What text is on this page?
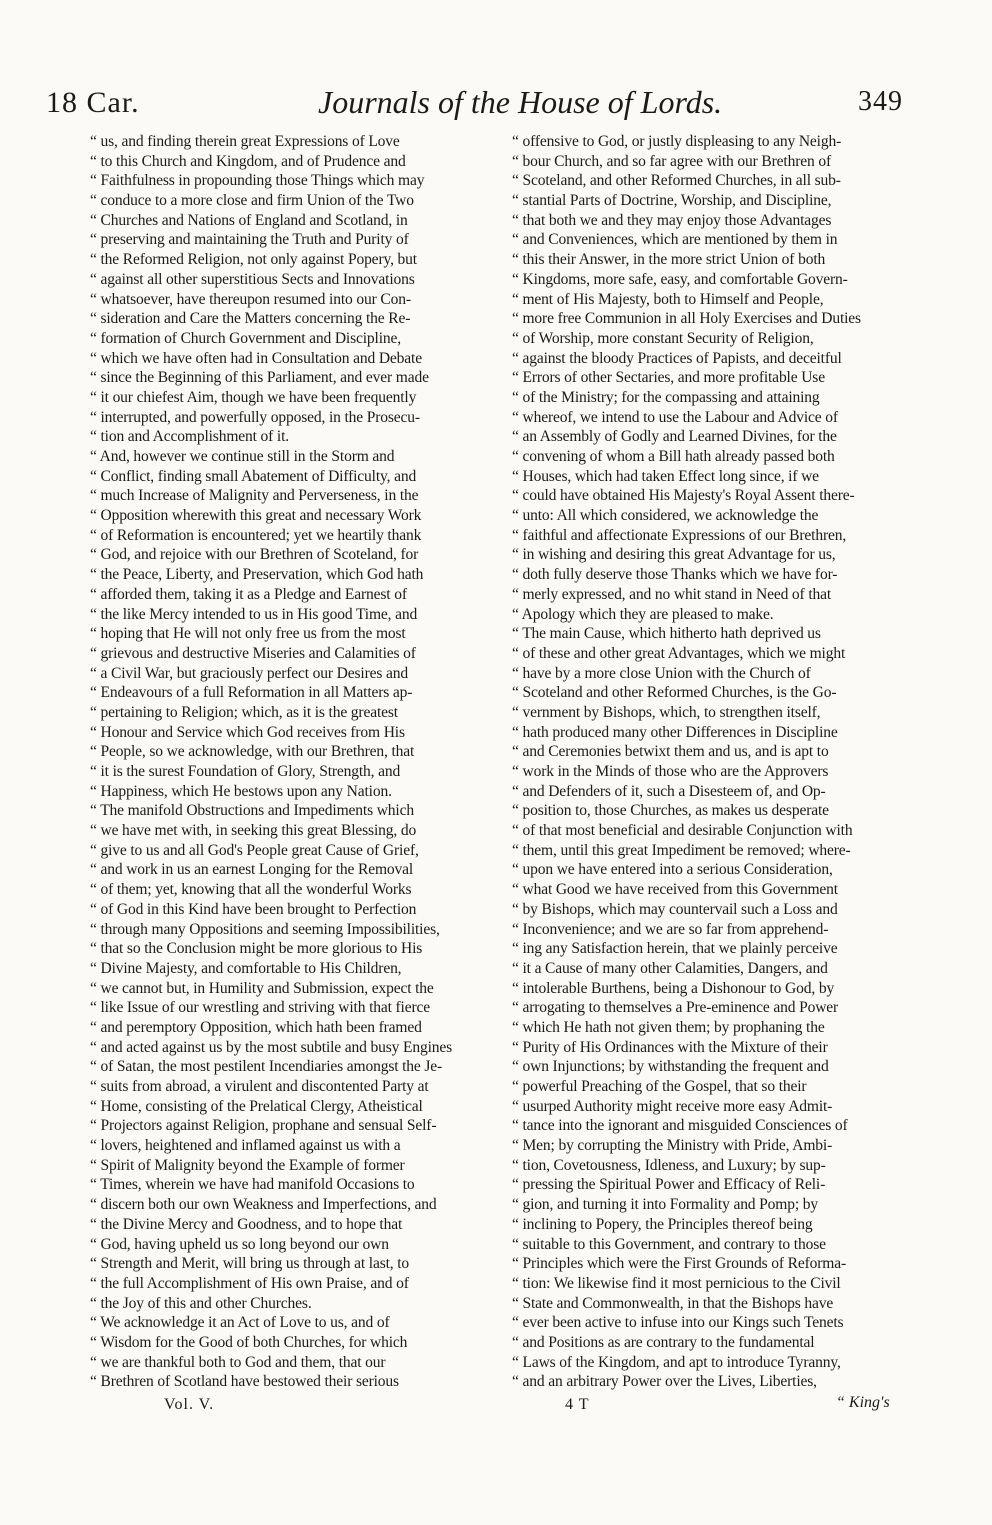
18 Car.	Journals of the House of Lords.	349
“ us, and finding therein great Expressions of Love
“ to this Church and Kingdom, and of Prudence and
“ Faithfulness in propounding those Things which may
“ conduce to a more close and firm Union of the Two
“ Churches and Nations of England and Scotland, in
“ preserving and maintaining the Truth and Purity of
“ the Reformed Religion, not only against Popery, but
“ against all other superstitious Sects and Innovations
“ whatsoever, have thereupon resumed into our Con-
“ sideration and Care the Matters concerning the Re-
“ formation of Church Government and Discipline,
“ which we have often had in Consultation and Debate
“ since the Beginning of this Parliament, and ever made
“ it our chiefest Aim, though we have been frequently
“ interrupted, and powerfully opposed, in the Prosecu-
“ tion and Accomplishment of it.
“ And, however we continue still in the Storm and
“ Conflict, finding small Abatement of Difficulty, and
“ much Increase of Malignity and Perverseness, in the
“ Opposition wherewith this great and necessary Work
“ of Reformation is encountered; yet we heartily thank
“ God, and rejoice with our Brethren of Scoteland, for
“ the Peace, Liberty, and Preservation, which God hath
“ afforded them, taking it as a Pledge and Earnest of
“ the like Mercy intended to us in His good Time, and
“ hoping that He will not only free us from the most
“ grievous and destructive Miseries and Calamities of
“ a Civil War, but graciously perfect our Desires and
“ Endeavours of a full Reformation in all Matters ap-
“ pertaining to Religion; which, as it is the greatest
“ Honour and Service which God receives from His
“ People, so we acknowledge, with our Brethren, that
“ it is the surest Foundation of Glory, Strength, and
“ Happiness, which He bestows upon any Nation.
“ The manifold Obstructions and Impediments which
“ we have met with, in seeking this great Blessing, do
“ give to us and all God's People great Cause of Grief,
“ and work in us an earnest Longing for the Removal
“ of them; yet, knowing that all the wonderful Works
“ of God in this Kind have been brought to Perfection
“ through many Oppositions and seeming Impossibilities,
“ that so the Conclusion might be more glorious to His
“ Divine Majesty, and comfortable to His Children,
“ we cannot but, in Humility and Submission, expect the
“ like Issue of our wrestling and striving with that fierce
“ and peremptory Opposition, which hath been framed
“ and acted against us by the most subtile and busy Engines
“ of Satan, the most pestilent Incendiaries amongst the Je-
“ suits from abroad, a virulent and discontented Party at
“ Home, consisting of the Prelatical Clergy, Atheistical
“ Projectors against Religion, prophane and sensual Self-
“ lovers, heightened and inflamed against us with a
“ Spirit of Malignity beyond the Example of former
“ Times, wherein we have had manifold Occasions to
“ discern both our own Weakness and Imperfections, and
“ the Divine Mercy and Goodness, and to hope that
“ God, having upheld us so long beyond our own
“ Strength and Merit, will bring us through at last, to
“ the full Accomplishment of His own Praise, and of
“ the Joy of this and other Churches.
“ We acknowledge it an Act of Love to us, and of
“ Wisdom for the Good of both Churches, for which
“ we are thankful both to God and them, that our
“ Brethren of Scotland have bestowed their serious
“ offensive to God, or justly displeasing to any Neigh-
“ bour Church, and so far agree with our Brethren of
“ Scoteland, and other Reformed Churches, in all sub-
“ stantial Parts of Doctrine, Worship, and Discipline,
“ that both we and they may enjoy those Advantages
“ and Conveniences, which are mentioned by them in
“ this their Answer, in the more strict Union of both
“ Kingdoms, more safe, easy, and comfortable Govern-
“ ment of His Majesty, both to Himself and People,
“ more free Communion in all Holy Exercises and Duties
“ of Worship, more constant Security of Religion,
“ against the bloody Practices of Papists, and deceitful
“ Errors of other Sectaries, and more profitable Use
“ of the Ministry; for the compassing and attaining
“ whereof, we intend to use the Labour and Advice of
“ an Assembly of Godly and Learned Divines, for the
“ convening of whom a Bill hath already passed both
“ Houses, which had taken Effect long since, if we
“ could have obtained His Majesty's Royal Assent there-
“ unto: All which considered, we acknowledge the
“ faithful and affectionate Expressions of our Brethren,
“ in wishing and desiring this great Advantage for us,
“ doth fully deserve those Thanks which we have for-
“ merly expressed, and no whit stand in Need of that
“ Apology which they are pleased to make.
“ The main Cause, which hitherto hath deprived us
“ of these and other great Advantages, which we might
“ have by a more close Union with the Church of
“ Scoteland and other Reformed Churches, is the Go-
“ vernment by Bishops, which, to strengthen itself,
“ hath produced many other Differences in Discipline
“ and Ceremonies betwixt them and us, and is apt to
“ work in the Minds of those who are the Approvers
“ and Defenders of it, such a Disesteem of, and Op-
“ position to, those Churches, as makes us desperate
“ of that most beneficial and desirable Conjunction with
“ them, until this great Impediment be removed; where-
“ upon we have entered into a serious Consideration,
“ what Good we have received from this Government
“ by Bishops, which may countervail such a Loss and
“ Inconvenience; and we are so far from apprehend-
“ ing any Satisfaction herein, that we plainly perceive
“ it a Cause of many other Calamities, Dangers, and
“ intolerable Burthens, being a Dishonour to God, by
“ arrogating to themselves a Pre-eminence and Power
“ which He hath not given them; by prophaning the
“ Purity of His Ordinances with the Mixture of their
“ own Injunctions; by withstanding the frequent and
“ powerful Preaching of the Gospel, that so their
“ usurped Authority might receive more easy Admit-
“ tance into the ignorant and misguided Consciences of
“ Men; by corrupting the Ministry with Pride, Ambi-
“ tion, Covetousness, Idleness, and Luxury; by sup-
“ pressing the Spiritual Power and Efficacy of Reli-
“ gion, and turning it into Formality and Pomp; by
“ inclining to Popery, the Principles thereof being
“ suitable to this Government, and contrary to those
“ Principles which were the First Grounds of Reforma-
“ tion: We likewise find it most pernicious to the Civil
“ State and Commonwealth, in that the Bishops have
“ ever been active to infuse into our Kings such Tenets
“ and Positions as are contrary to the fundamental
“ Laws of the Kingdom, and apt to introduce Tyranny,
“ and an arbitrary Power over the Lives, Liberties,
Vol. V.	4 T	“ King's
